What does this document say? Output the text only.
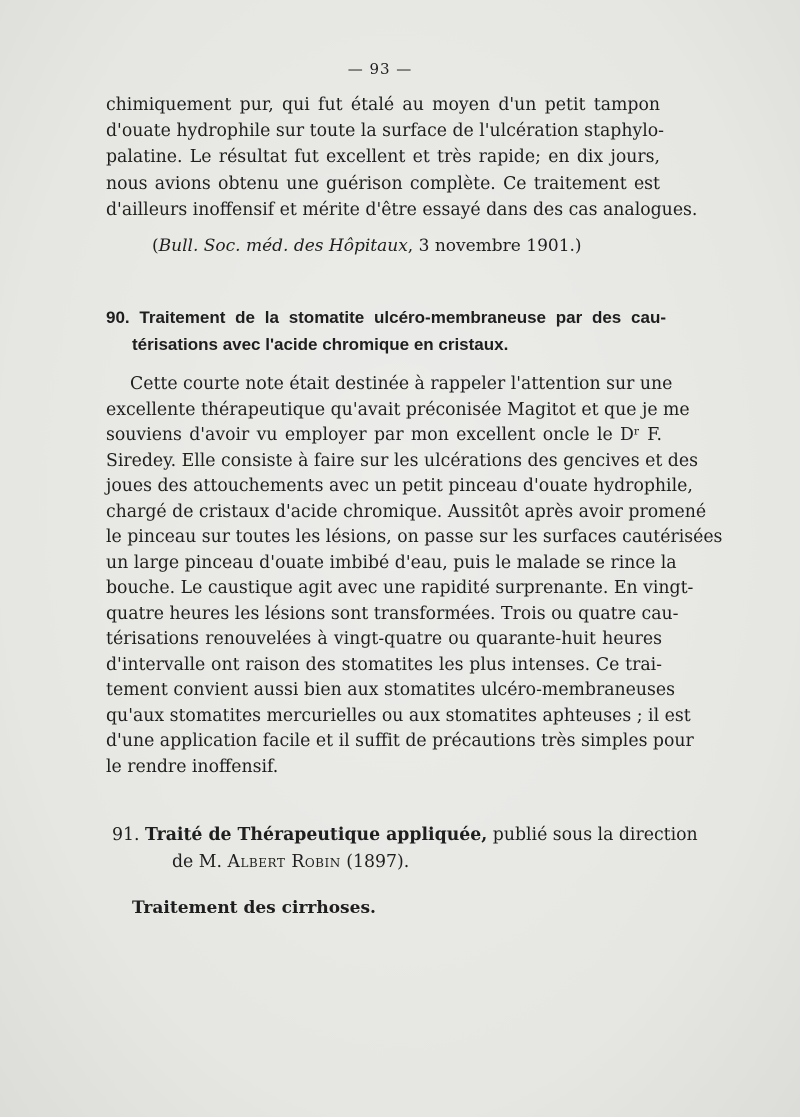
— 93 —

chimiquement pur, qui fut étalé au moyen d'un petit tampon
d'ouate hydrophile sur toute la surface de l'ulcération staphylo-
palatine. Le résultat fut excellent et très rapide; en dix jours,
nous avions obtenu une guérison complète. Ce traitement est
d'ailleurs inoffensif et mérite d'être essayé dans des cas analogues.

(Bull. Soc. méd. des Hôpitaux, 3 novembre 1901.)

90. Traitement de la stomatite ulcéro-membraneuse par des cau-
térisations avec l'acide chromique en cristaux.

Cette courte note était destinée à rappeler l'attention sur une
excellente thérapeutique qu'avait préconisée Magitot et que je me
souviens d'avoir vu employer par mon excellent oncle le Dʳ F.
Siredey. Elle consiste à faire sur les ulcérations des gencives et des
joues des attouchements avec un petit pinceau d'ouate hydrophile,
chargé de cristaux d'acide chromique. Aussitôt après avoir promené
le pinceau sur toutes les lésions, on passe sur les surfaces cautérisées
un large pinceau d'ouate imbibé d'eau, puis le malade se rince la
bouche. Le caustique agit avec une rapidité surprenante. En vingt-
quatre heures les lésions sont transformées. Trois ou quatre cau-
térisations renouvelées à vingt-quatre ou quarante-huit heures
d'intervalle ont raison des stomatites les plus intenses. Ce trai-
tement convient aussi bien aux stomatites ulcéro-membraneuses
qu'aux stomatites mercurielles ou aux stomatites aphteuses ; il est
d'une application facile et il suffit de précautions très simples pour
le rendre inoffensif.

91. Traité de Thérapeutique appliquée, publié sous la direction
de M. Albert Robin (1897).

Traitement des cirrhoses.
